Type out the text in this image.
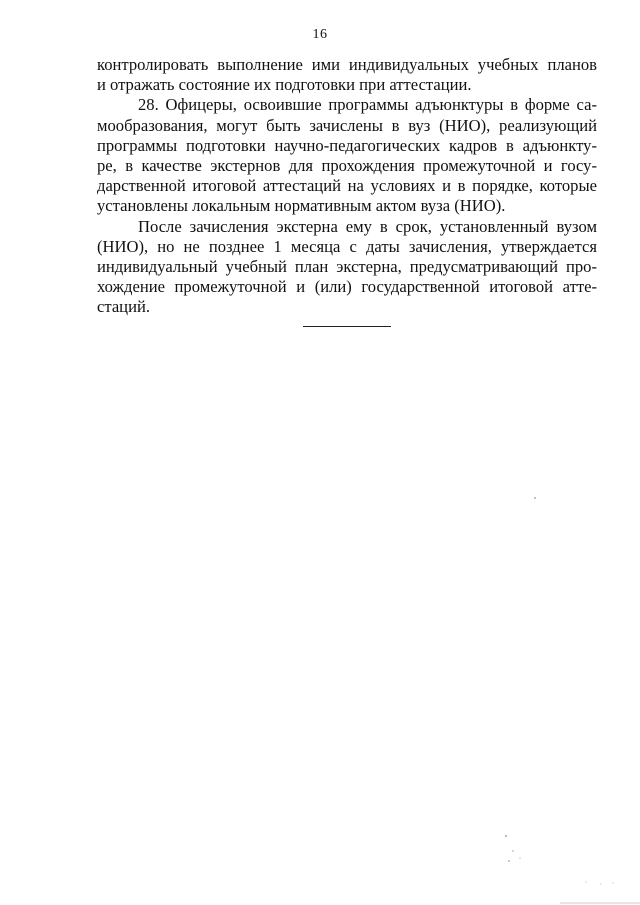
16
контролировать выполнение ими индивидуальных учебных планов
и отражать состояние их подготовки при аттестации.
28. Офицеры, освоившие программы адъюнктуры в форме са-
мообразования, могут быть зачислены в вуз (НИО), реализующий
программы подготовки научно-педагогических кадров в адъюнкту-
ре, в качестве экстернов для прохождения промежуточной и госу-
дарственной итоговой аттестаций на условиях и в порядке, которые
установлены локальным нормативным актом вуза (НИО).
После зачисления экстерна ему в срок, установленный вузом
(НИО), но не позднее 1 месяца с даты зачисления, утверждается
индивидуальный учебный план экстерна, предусматривающий про-
хождение промежуточной и (или) государственной итоговой атте-
стаций.
